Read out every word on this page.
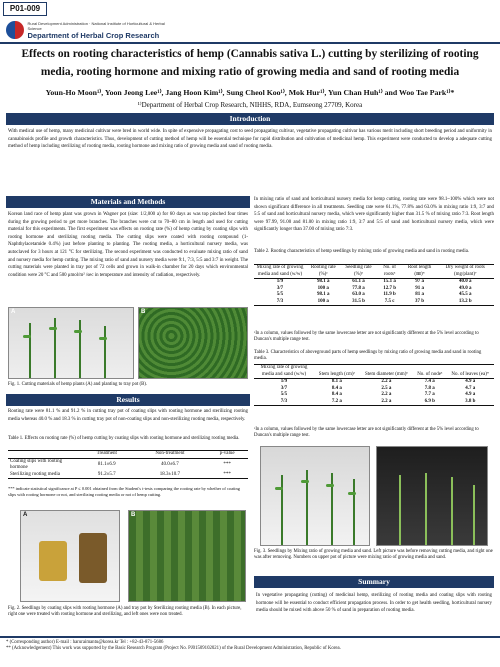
P01-009
Rural Development Administration · National Institute of Horticultural & Herbal Science
Department of Herbal Crop Research
Effects on rooting characteristics of hemp (Cannabis sativa L.) cutting by sterilizing of rooting media, rooting hormone and mixing ratio of growing media and sand of rooting media
Youn-Ho Moon¹⁾, Yoon Jeong Lee¹⁾, Jang Hoon Kim¹⁾, Sung Cheol Koo¹⁾, Mok Hur¹⁾, Yun Chan Huh¹⁾ and Woo Tae Park¹⁾*
¹⁾Department of Herbal Crop Research, NIHHS, RDA, Eumseong 27709, Korea
Introduction
With medical use of hemp, many medicinal cultivar were bred in world wide. In spite of expensive propagating cost to seed propagating cultivar, vegetative propagating cultivar has various merit including short breeding period and uniformity in cannabinoids profile and growth characteristics. Thus, development of cutting method of hemp will be essential technique for rapid distribution and cultivation of medicinal hemp. This experiment were conducted to develop a adequate cutting method of hemp including sterilizing of rooting media, rooting hormone and mixing ratio of growing media and sand of rooting media.
Materials and Methods
Korean land race of hemp plant was grown in Wagner pot (size: 1/2,000 a) for 60 days as was top pinched four times during the growing period to get more branches. The branches were cut to 70~80 cm in length and used for cutting material for this experiments. The first experiment was effects on rooting rate (%) of hemp cutting by coating slips with rooting hormone and sterilizing rooting media. The cutting slips were coated with rooting compound (1-Naphthylacetamide 0.4%) just before planting to planting. The rooting media, a horticultural nursery media, was autoclaved for 3 hours at 121 °C for sterilizing. The second experiment was conducted to evaluate mixing ratio of sand and nursery media for hemp cutting. The mixing ratio of sand and nursery media were 9:1, 7:3, 5:5 and 3:7 in weight. The cutting materials were planted in tray pot of 72 cells and grown in walk-in chamber for 20 days which environmental condition were 20 °C and 500 μmol/m² /sec in temperature and intensity of radiation, respectively.
A	B
Fig. 1. Cutting materials of hemp plants (A) and planting to tray pot (B).
Results
Rooting rate were 81.1 % and 91.2 % in cutting tray pot of coating slips with rooting hormone and sterilizing rooting media whereas 40.0 % and 18.3 % in cutting tray pot of non-coating slips and non-sterilizing rooting media, respectively.
Table 1. Effects on rooting rate (%) of hemp cutting by coating slips with rooting hormone and sterilizing rooting media.
	Treatment	Non-treatment	p-value
Coating slips with rooting hormone	81.1±6.9	40.0±6.7	***
Sterilizing rooting media	91.2±5.7	18.3±10.7	***
*** indicate statistical significance at P ≤ 0.001 obtained from the Student's t-tests comparing the rooting rate by whether of coating slips with rooting hormone or not, and sterilizing rooting media or not of hemp cutting.
A	B
Fig. 2. Seedlings by coating slips with rooting hormone (A) and tray pot by Sterilizing rooting media (B). In each picture, right one were treated with rooting hormone and sterilizing, and left ones were non treated.
In mixing ratio of sand and horticultural nursery media for hemp cutting, rooting rate were 98.1~100% which were not shown significant difference in all treatments. Seedling rate were 61.1%, 77.8% and 63.0% in mixing ratio 1:9, 3:7 and 5:5 of sand and horticultural nursery media, which were significantly higher than 31.5 % of mixing ratio 7:3. Root length were 97.99, 91.00 and 81.00 in mixing ratio 1:9, 3:7 and 5:5 of sand and horticultural nursery media, which were significantly longer than 37.00 of mixing ratio 7:3.
Table 2. Rooting characteristics of hemp seedlings by mixing ratio of growing media and sand in rooting media.
Mixing rate of growing media and sand (w/w)	Rooting rate (%)ᶻ	Seedling rate (%)ʸ	No. of rootsˣ	Root length (㎜)ʷ	Dry weight of roots (mg/plant)ᵛ
1/9	98.1 a	61.1 a	15.1 a	97 a	40.0 a
3/7	100 a	77.8 a	12.7 b	91 a	49.0 a
5/5	98.1 a	63.0 a	11.9 b	81 a	45.5 a
7/3	100 a	31.5 b	7.5 c	37 b	13.2 b
ᶻIn a column, values followed by the same lowercase letter are not significantly different at the 5% level according to Duncan's multiple range test.
Table 3. Characteristics of aboveground parts of hemp seedlings by mixing ratio of growing media and sand in rooting media.
Mixing rate of growing media and sand (w/w)	Stem length (cm)ᶻ	Stem diameter (mm)ʸ	No. of nodeˣ	No. of leaves (ea)ʷ
1/9	8.1 a	2.2 a	7.4 a	4.9 a
3/7	8.4 a	2.5 a	7.8 a	4.7 a
5/5	8.4 a	2.2 a	7.7 a	4.9 a
7/3	7.2 a	2.2 a	6.9 b	3.8 b
ᶻIn a column, values followed by the same lowercase letter are not significantly different at the 5% level according to Duncan's multiple range test.
Fig. 3. Seedlings by Mixing ratio of growing media and sand. Left picture was before removing cutting media, and right one was after removing. Numbers on upper pot of picture were mixing ratio of growing media and sand.
Summary
In vegetative propagating (cutting) of medicinal hemp, sterilizing of rooting media and coating slips with rooting hormone will be essential to conduct efficient propagation process. In order to get health seedling, horticultural nursery media should be mixed with above 50 % of sand in preparation of rooting media.
* (Corresponding author) E-mail : haruraimantu@korea.kr Tel : +82-43-871-5686
** (Acknowledgement) This work was supported by the Basic Research Program (Project No. PJ01509102021) of the Rural Development Administration, Republic of Korea.
